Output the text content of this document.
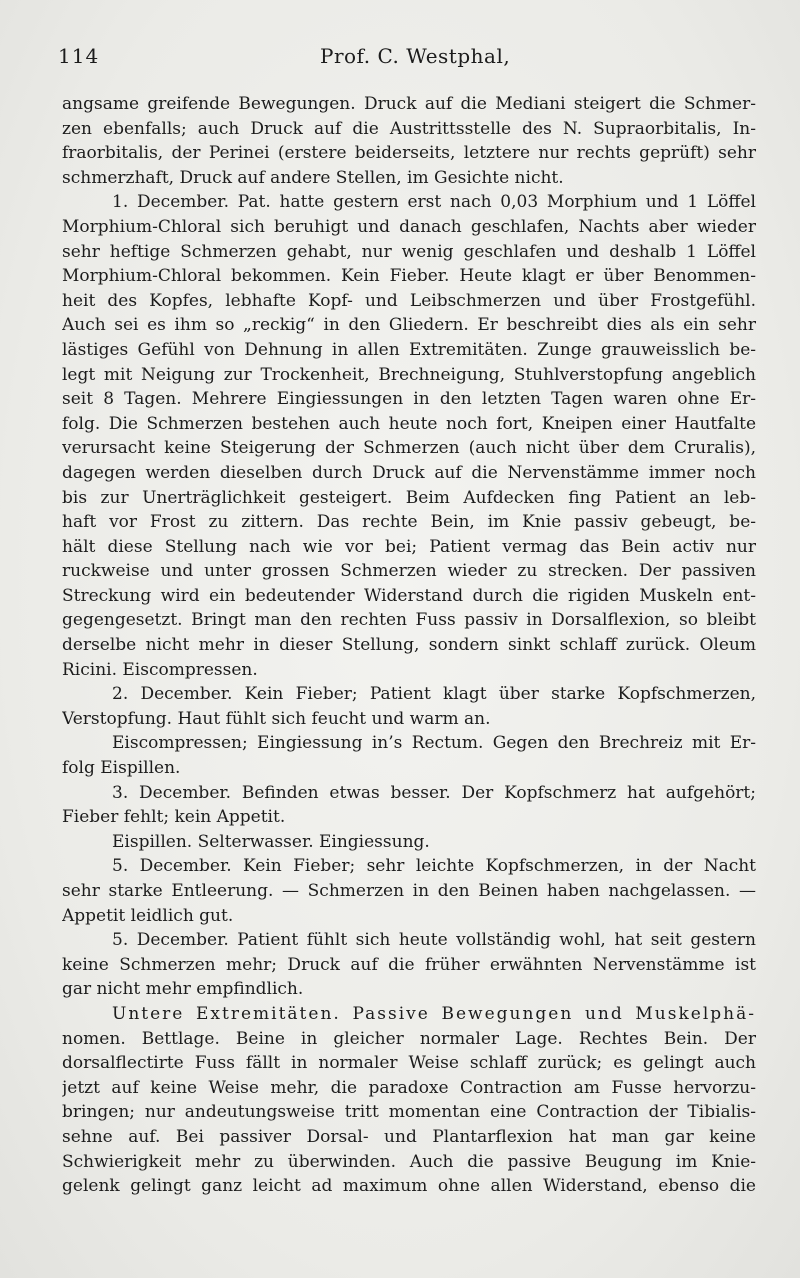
114	Prof. C. Westphal,

angsame greifende Bewegungen. Druck auf die Mediani steigert die Schmer-

zen ebenfalls; auch Druck auf die Austrittsstelle des N. Supraorbitalis, In-

fraorbitalis, der Perinei (erstere beiderseits, letztere nur rechts geprüft) sehr

schmerzhaft, Druck auf andere Stellen, im Gesichte nicht.

1. December. Pat. hatte gestern erst nach 0,03 Morphium und 1 Löffel

Morphium-Chloral sich beruhigt und danach geschlafen, Nachts aber wieder

sehr heftige Schmerzen gehabt, nur wenig geschlafen und deshalb 1 Löffel

Morphium-Chloral bekommen. Kein Fieber. Heute klagt er über Benommen-

heit des Kopfes, lebhafte Kopf- und Leibschmerzen und über Frostgefühl.

Auch sei es ihm so „reckig“ in den Gliedern. Er beschreibt dies als ein sehr

lästiges Gefühl von Dehnung in allen Extremitäten. Zunge grauweisslich be-

legt mit Neigung zur Trockenheit, Brechneigung, Stuhlverstopfung angeblich

seit 8 Tagen. Mehrere Eingiessungen in den letzten Tagen waren ohne Er-

folg. Die Schmerzen bestehen auch heute noch fort, Kneipen einer Hautfalte

verursacht keine Steigerung der Schmerzen (auch nicht über dem Cruralis),

dagegen werden dieselben durch Druck auf die Nervenstämme immer noch

bis zur Unerträglichkeit gesteigert. Beim Aufdecken fing Patient an leb-

haft vor Frost zu zittern. Das rechte Bein, im Knie passiv gebeugt, be-

hält diese Stellung nach wie vor bei; Patient vermag das Bein activ nur

ruckweise und unter grossen Schmerzen wieder zu strecken. Der passiven

Streckung wird ein bedeutender Widerstand durch die rigiden Muskeln ent-

gegengesetzt. Bringt man den rechten Fuss passiv in Dorsalflexion, so bleibt

derselbe nicht mehr in dieser Stellung, sondern sinkt schlaff zurück. Oleum

Ricini. Eiscompressen.

2. December. Kein Fieber; Patient klagt über starke Kopfschmerzen,

Verstopfung. Haut fühlt sich feucht und warm an.

Eiscompressen; Eingiessung in’s Rectum. Gegen den Brechreiz mit Er-

folg Eispillen.

3. December. Befinden etwas besser. Der Kopfschmerz hat aufgehört;

Fieber fehlt; kein Appetit.

Eispillen. Selterwasser. Eingiessung.

5. December. Kein Fieber; sehr leichte Kopfschmerzen, in der Nacht

sehr starke Entleerung. — Schmerzen in den Beinen haben nachgelassen. —

Appetit leidlich gut.

5. December. Patient fühlt sich heute vollständig wohl, hat seit gestern

keine Schmerzen mehr; Druck auf die früher erwähnten Nervenstämme ist

gar nicht mehr empfindlich.

Untere Extremitäten. Passive Bewegungen und Muskelphä-

nomen. Bettlage. Beine in gleicher normaler Lage. Rechtes Bein. Der

dorsalflectirte Fuss fällt in normaler Weise schlaff zurück; es gelingt auch

jetzt auf keine Weise mehr, die paradoxe Contraction am Fusse hervorzu-

bringen; nur andeutungsweise tritt momentan eine Contraction der Tibialis-

sehne auf. Bei passiver Dorsal- und Plantarflexion hat man gar keine

Schwierigkeit mehr zu überwinden. Auch die passive Beugung im Knie-

gelenk gelingt ganz leicht ad maximum ohne allen Widerstand, ebenso die
